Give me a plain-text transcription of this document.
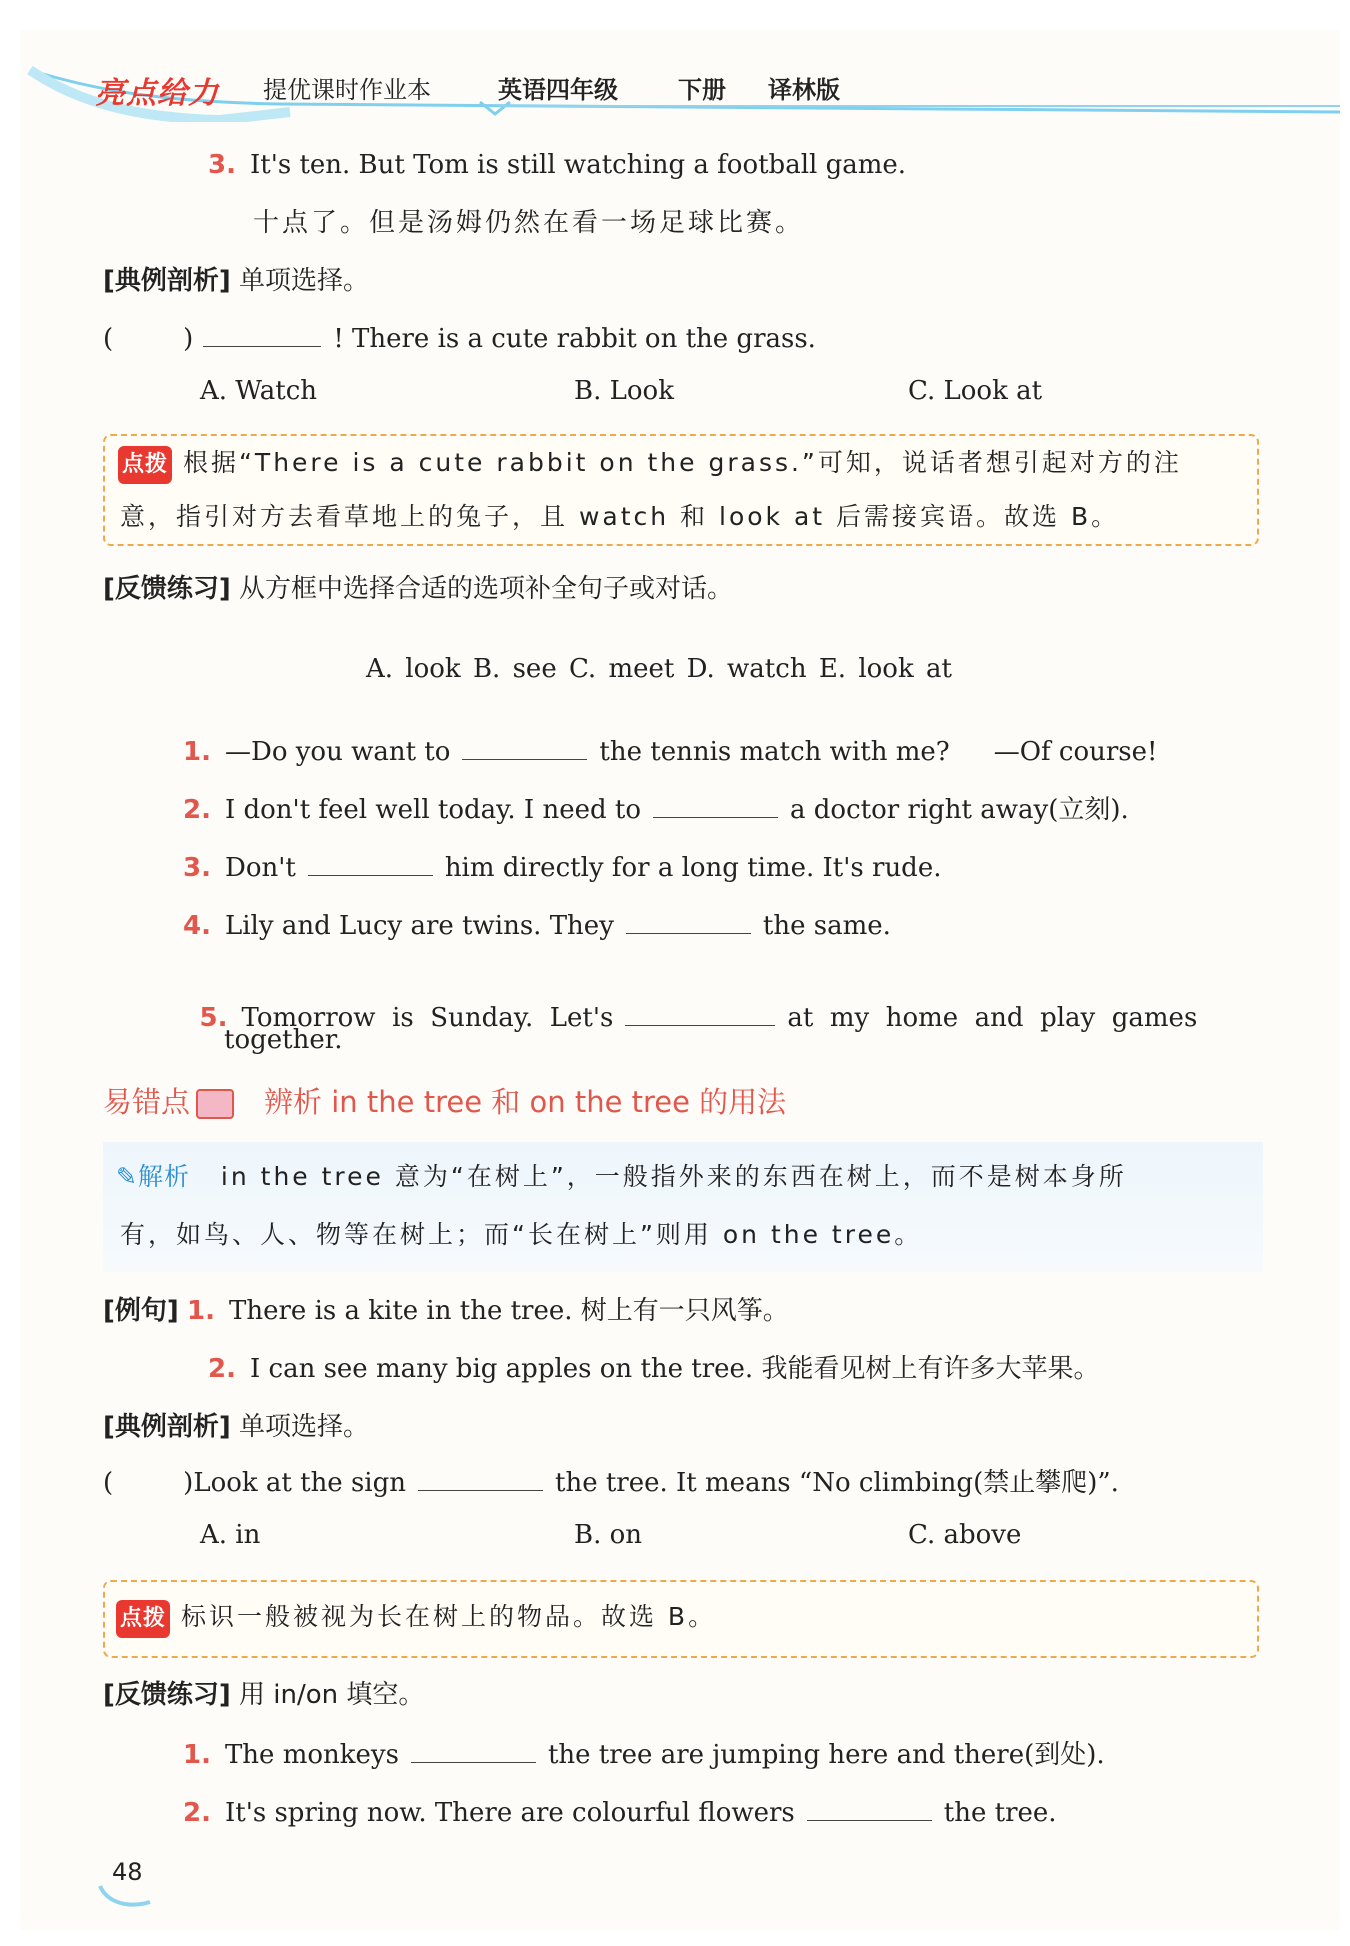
亮点给力 提优课时作业本	英语四年级	下册 译林版
3. It's ten. But Tom is still watching a football game.
十点了。但是汤姆仍然在看一场足球比赛。
[典例剖析] 单项选择。
(	)	! There is a cute rabbit on the grass.
A. Watch	B. Look	C. Look at
点拨 根据“There is a cute rabbit on the grass.”可知，说话者想引起对方的注
意，指引对方去看草地上的兔子，且 watch 和 look at 后需接宾语。故选 B。
[反馈练习] 从方框中选择合适的选项补全句子或对话。
A. look B. see C. meet D. watch E. look at
1. —Do you want to	the tennis match with me? —Of course!
2. I don't feel well today. I need to	a doctor right away(立刻).
3. Don't	him directly for a long time. It's rude.
4. Lily and Lucy are twins. They	the same.

5. Tomorrow  is  Sunday.  Let's	at  my  home  and  play  games

together.
易错点	辨析 in the tree 和 on the tree 的用法
✎解析 in the tree 意为“在树上”，一般指外来的东西在树上，而不是树本身所
有，如鸟、人、物等在树上；而“长在树上”则用 on the tree。
[例句] 1. There is a kite in the tree. 树上有一只风筝。
2. I can see many big apples on the tree. 我能看见树上有许多大苹果。
[典例剖析] 单项选择。
(	)Look at the sign	the tree. It means “No climbing(禁止攀爬)”.
A. in	B. on	C. above
点拨 标识一般被视为长在树上的物品。故选 B。
[反馈练习] 用 in/on 填空。
1. The monkeys	the tree are jumping here and there(到处).
2. It's spring now. There are colourful flowers	the tree.
48
